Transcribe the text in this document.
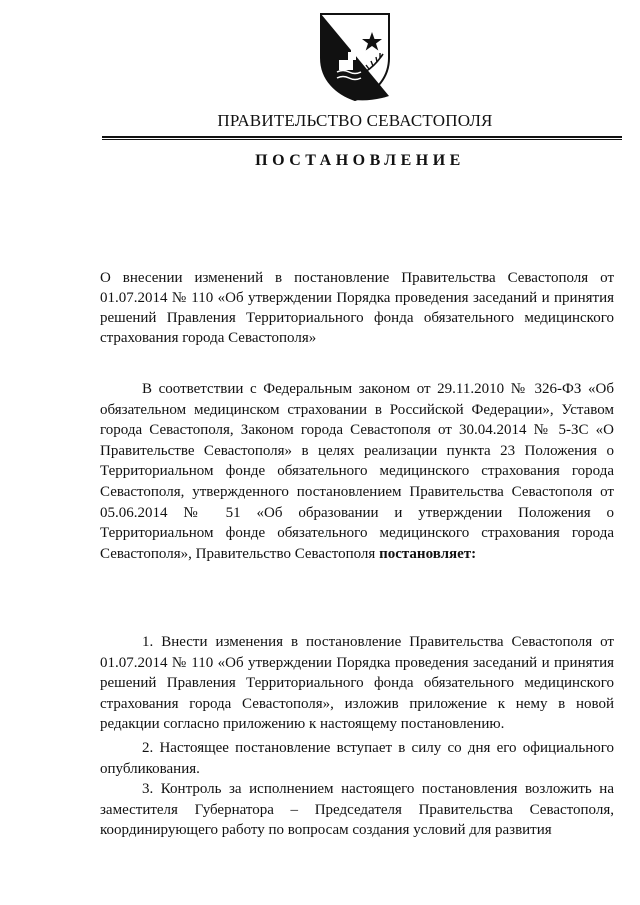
ПРАВИТЕЛЬСТВО СЕВАСТОПОЛЯ
ПОСТАНОВЛЕНИЕ
О внесении изменений в постановление Правительства Севастополя от 01.07.2014 № 110 «Об утверждении Порядка проведения заседаний и принятия решений Правления Территориального фонда обязательного медицинского страхования города Севастополя»
В соответствии с Федеральным законом от 29.11.2010 № 326-ФЗ «Об обязательном медицинском страховании в Российской Федерации», Уставом города Севастополя, Законом города Севастополя от 30.04.2014 № 5-ЗС «О Правительстве Севастополя» в целях реализации пункта 23 Положения о Территориальном фонде обязательного медицинского страхования города Севастополя, утвержденного постановлением Правительства Севастополя от 05.06.2014 № 51 «Об образовании и утверждении Положения о Территориальном фонде обязательного медицинского страхования города Севастополя», Правительство Севастополя постановляет:
1. Внести изменения в постановление Правительства Севастополя от 01.07.2014 № 110 «Об утверждении Порядка проведения заседаний и принятия решений Правления Территориального фонда обязательного медицинского страхования города Севастополя», изложив приложение к нему в новой редакции согласно приложению к настоящему постановлению.
2. Настоящее постановление вступает в силу со дня его официального опубликования.
3. Контроль за исполнением настоящего постановления возложить на заместителя Губернатора – Председателя Правительства Севастополя, координирующего работу по вопросам создания условий для развития
